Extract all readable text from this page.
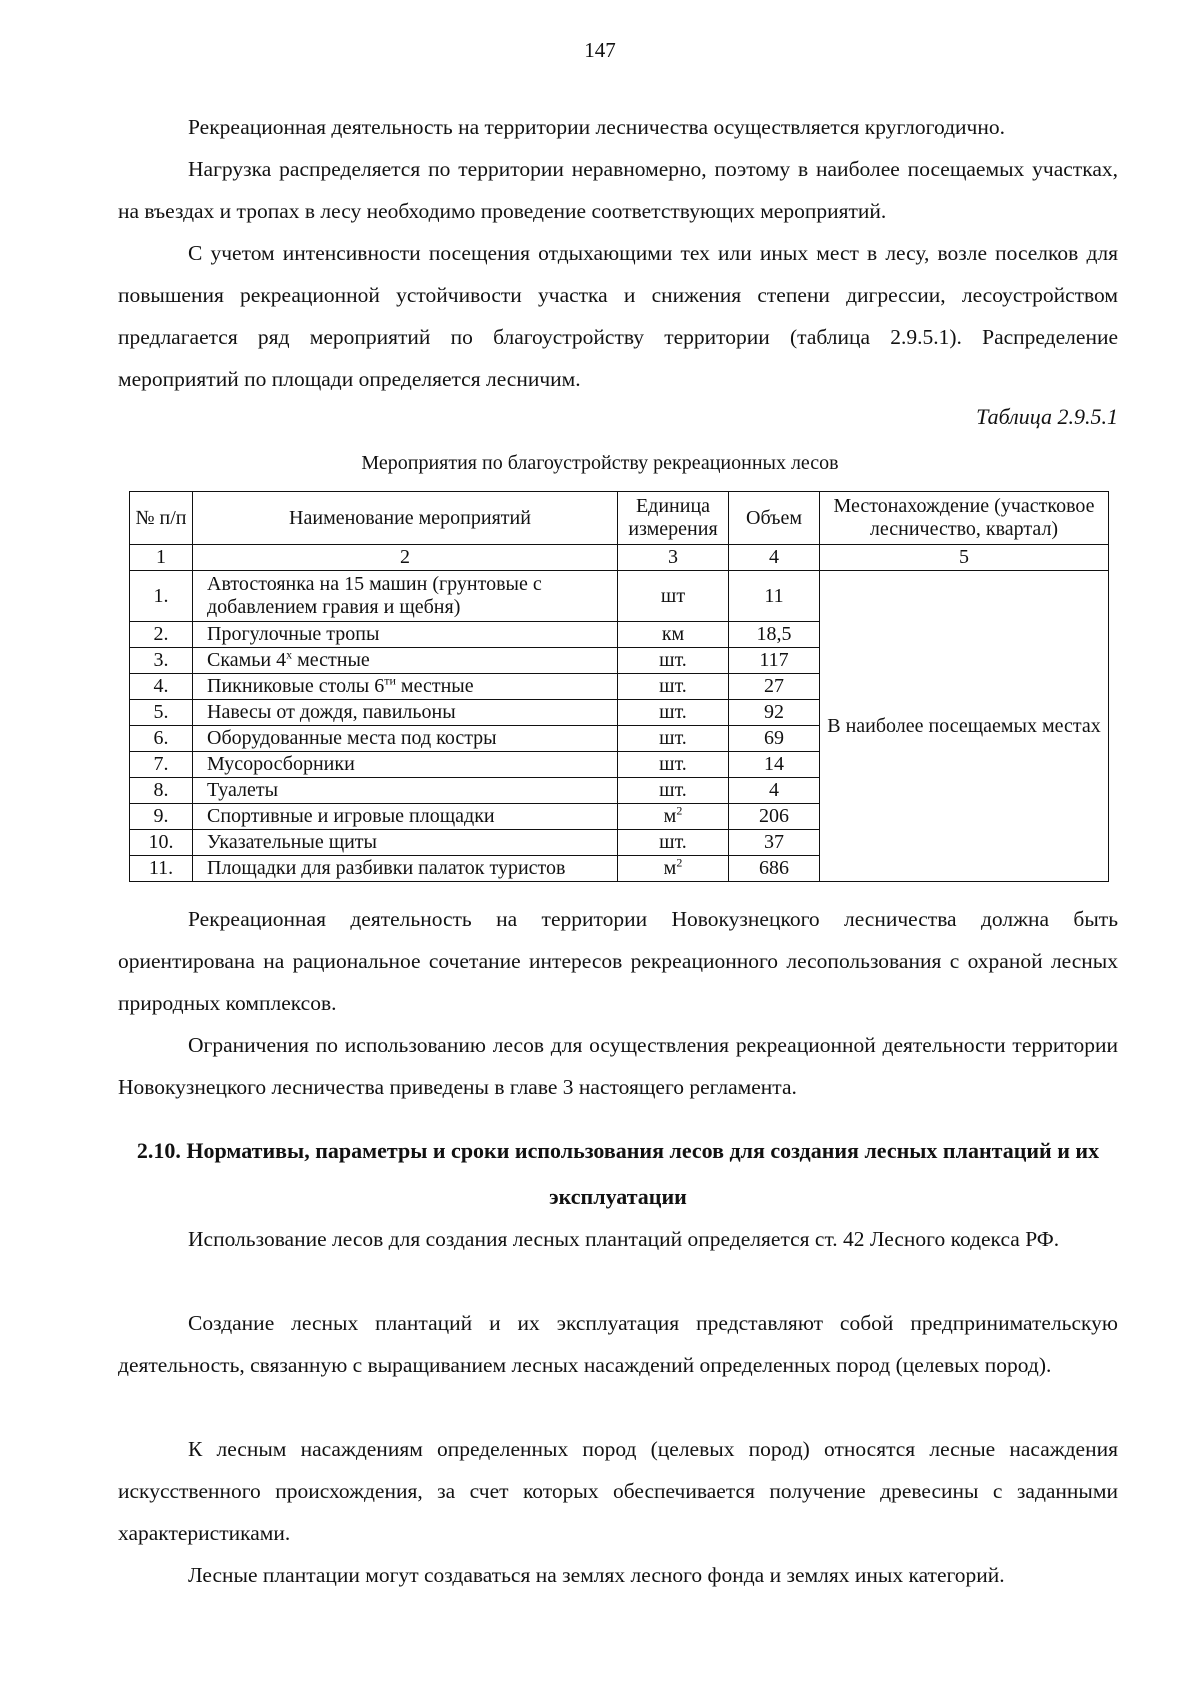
147

Рекреационная деятельность на территории лесничества осуществляется круглогодично.

Нагрузка распределяется по территории неравномерно, поэтому в наиболее посещаемых участках, на въездах и тропах в лесу необходимо проведение соответствующих мероприятий.

С учетом интенсивности посещения отдыхающими тех или иных мест в лесу, возле поселков для повышения рекреационной устойчивости участка и снижения степени дигрессии, лесоустройством предлагается ряд мероприятий по благоустройству территории (таблица 2.9.5.1). Распределение мероприятий по площади определяется лесничим.

Таблица 2.9.5.1
Мероприятия по благоустройству рекреационных лесов
№ п/п	Наименование мероприятий	Единица измерения	Объем	Местонахождение (участковое лесничество, квартал)
1	2	3	4	5
1.	Автостоянка на 15 машин (грунтовые с добавлением гравия и щебня)	шт	11	В наиболее посещаемых местах
2.	Прогулочные тропы	км	18,5	
3.	Скамьи $4^х$ местные	шт.	117	
4.	Пикниковые столы $6^{ти}$ местные	шт.	27	
5.	Навесы от дождя, павильоны	шт.	92	
6.	Оборудованные места под костры	шт.	69	
7.	Мусоросборники	шт.	14	
8.	Туалеты	шт.	4	
9.	Спортивные и игровые площадки	$м^2$	206	
10.	Указательные щиты	шт.	37	
11.	Площадки для разбивки палаток туристов	$м^2$	686	

Рекреационная деятельность на территории Новокузнецкого лесничества должна быть ориентирована на рациональное сочетание интересов рекреационного лесопользования с охраной лесных природных комплексов.

Ограничения по использованию лесов для осуществления рекреационной деятельности территории Новокузнецкого лесничества приведены в главе 3 настоящего регламента.

2.10. Нормативы, параметры и сроки использования лесов для создания лесных плантаций и их эксплуатации

Использование лесов для создания лесных плантаций определяется ст. 42 Лесного кодекса РФ.

Создание лесных плантаций и их эксплуатация представляют собой предпринимательскую деятельность, связанную с выращиванием лесных насаждений определенных пород (целевых пород).

К лесным насаждениям определенных пород (целевых пород) относятся лесные насаждения искусственного происхождения, за счет которых обеспечивается получение древесины с заданными характеристиками.

Лесные плантации могут создаваться на землях лесного фонда и землях иных категорий.
